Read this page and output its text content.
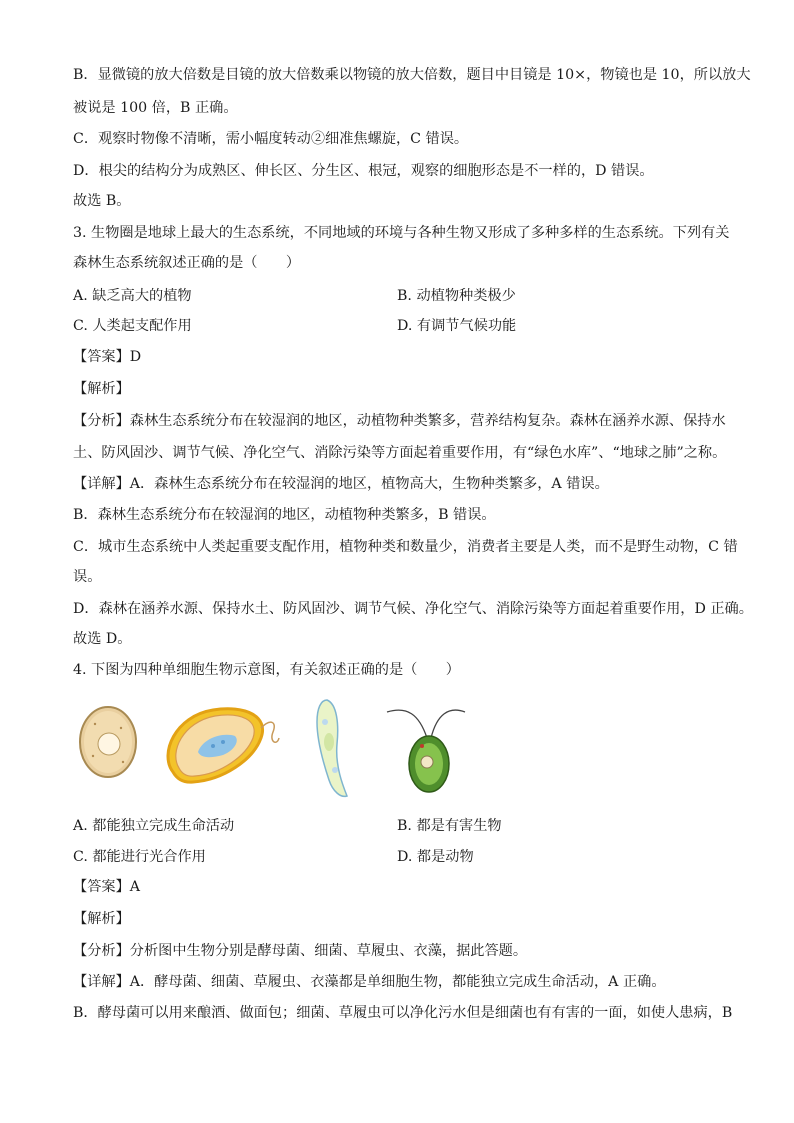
B．显微镜的放大倍数是目镜的放大倍数乘以物镜的放大倍数，题目中目镜是 10×，物镜也是 10，所以放大
被说是 100 倍，B 正确。
C．观察时物像不清晰，需小幅度转动②细准焦螺旋，C 错误。
D．根尖的结构分为成熟区、伸长区、分生区、根冠，观察的细胞形态是不一样的，D 错误。
故选 B。
3. 生物圈是地球上最大的生态系统，不同地域的环境与各种生物又形成了多种多样的生态系统。下列有关
森林生态系统叙述正确的是（　　）
A. 缺乏高大的植物	B. 动植物种类极少
C. 人类起支配作用	D. 有调节气候功能
【答案】D
【解析】
【分析】森林生态系统分布在较湿润的地区，动植物种类繁多，营养结构复杂。森林在涵养水源、保持水
土、防风固沙、调节气候、净化空气、消除污染等方面起着重要作用，有“绿色水库”、“地球之肺”之称。
【详解】A．森林生态系统分布在较湿润的地区，植物高大，生物种类繁多，A 错误。
B．森林生态系统分布在较湿润的地区，动植物种类繁多，B 错误。
C．城市生态系统中人类起重要支配作用，植物种类和数量少，消费者主要是人类，而不是野生动物，C 错
误。
D．森林在涵养水源、保持水土、防风固沙、调节气候、净化空气、消除污染等方面起着重要作用，D 正确。
故选 D。
4. 下图为四种单细胞生物示意图，有关叙述正确的是（　　）
A. 都能独立完成生命活动	B. 都是有害生物
C. 都能进行光合作用	D. 都是动物
【答案】A
【解析】
【分析】分析图中生物分别是酵母菌、细菌、草履虫、衣藻，据此答题。
【详解】A．酵母菌、细菌、草履虫、衣藻都是单细胞生物，都能独立完成生命活动，A 正确。
B．酵母菌可以用来酿酒、做面包；细菌、草履虫可以净化污水但是细菌也有有害的一面，如使人患病，B
